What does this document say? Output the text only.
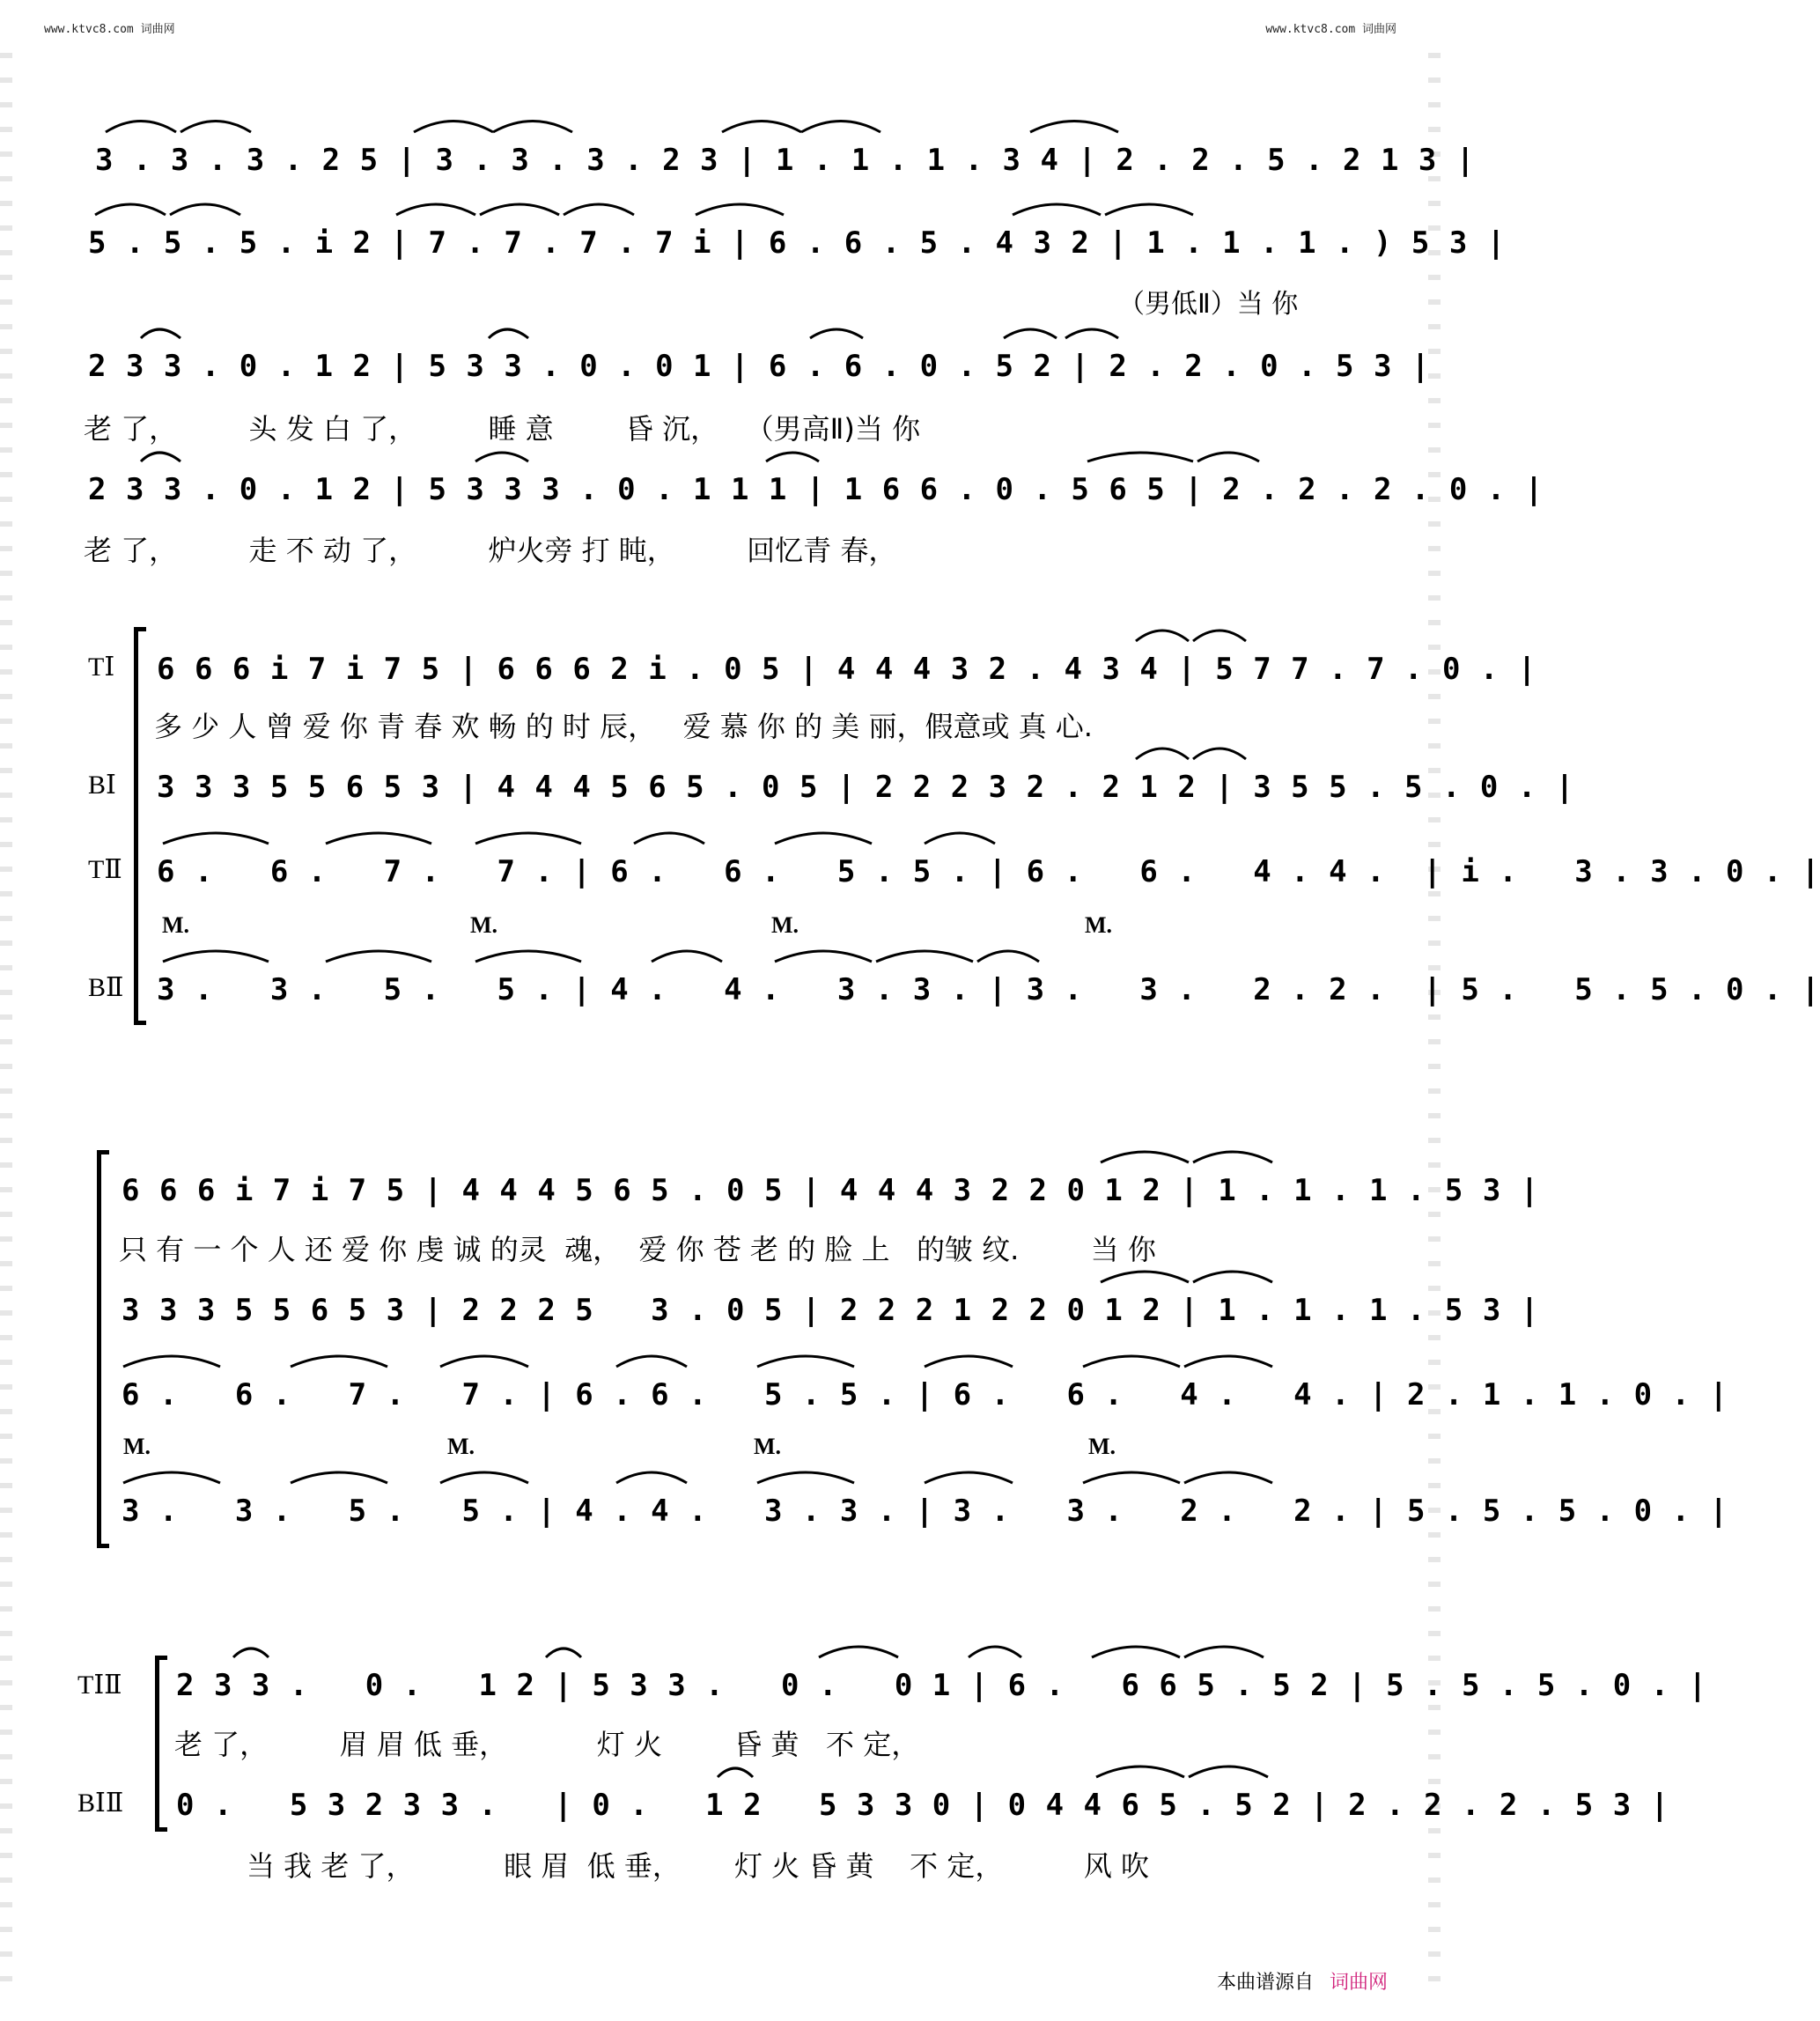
www.ktvc8.com 词曲网	www.ktvc8.com 词曲网
3 . 3 . 3 . 2 5 | 3 . 3 . 3 . 2 3 | 1 . 1 . 1 . 3 4 | 2 . 2 . 5 . 2 1 3 |
5 . 5 . 5 . i 2 | 7 . 7 . 7 . 7 i | 6 . 6 . 5 . 4 3 2 | 1 . 1 . 1 . ) 5 3 |
（男低Ⅱ）当 你
2 3 3 . 0 . 1 2 | 5 3 3 . 0 . 0 1 | 6 . 6 . 0 . 5 2 | 2 . 2 . 0 . 5 3 |
老 了，        头 发 白 了，        睡 意        昏 沉，   （男高Ⅱ)当 你
2 3 3 . 0 . 1 2 | 5 3 3 3 . 0 . 1 1 1 | 1 6 6 . 0 . 5 6 5 | 2 . 2 . 2 . 0 . |
老 了，        走 不 动 了，        炉火旁 打 盹，        回忆青 春，
TⅠ 6 6 6 i 7 i 7 5 | 6 6 6 2 i . 0 5 | 4 4 4 3 2 . 4 3 4 | 5 7 7 . 7 . 0 . |
多 少 人 曾 爱 你 青 春 欢 畅 的 时 辰，   爱 慕 你 的 美 丽，假意或 真 心.
BⅠ 3 3 3 5 5 6 5 3 | 4 4 4 5 6 5 . 0 5 | 2 2 2 3 2 . 2 1 2 | 3 5 5 . 5 . 0 . |
TⅡ 6 .   6 .   7 .   7 . | 6 .   6 .   5 . 5 . | 6 .   6 .   4 . 4 .  | i .   3 . 3 . 0 . |
M.	M.	M.	M.
BⅡ 3 .   3 .   5 .   5 . | 4 .   4 .   3 . 3 . | 3 .   3 .   2 . 2 .  | 5 .   5 . 5 . 0 . |
6 6 6 i 7 i 7 5 | 4 4 4 5 6 5 . 0 5 | 4 4 4 3 2 2 0 1 2 | 1 . 1 . 1 . 5 3 |
只 有 一 个 人 还 爱 你 虔 诚 的灵  魂，  爱 你 苍 老 的 脸 上   的皱 纹.        当 你
3 3 3 5 5 6 5 3 | 2 2 2 5   3 . 0 5 | 2 2 2 1 2 2 0 1 2 | 1 . 1 . 1 . 5 3 |
6 .   6 .   7 .   7 . | 6 . 6 .   5 . 5 . | 6 .   6 .   4 .   4 . | 2 . 1 . 1 . 0 . |
M.	M.	M.	M.
3 .   3 .   5 .   5 . | 4 . 4 .   3 . 3 . | 3 .   3 .   2 .   2 . | 5 . 5 . 5 . 0 . |
TⅠⅡ 2 3 3 .   0 .   1 2 | 5 3 3 .   0 .   0 1 | 6 .   6 6 5 . 5 2 | 5 . 5 . 5 . 0 . |
老 了，        眉 眉 低 垂，          灯 火        昏 黄   不 定，
BⅠⅡ 0 .   5 3 2 3 3 .   | 0 .   1 2   5 3 3 0 | 0 4 4 6 5 . 5 2 | 2 . 2 . 2 . 5 3 |
当 我 老 了，          眼 眉  低 垂，      灯 火 昏 黄    不 定，         风 吹
本曲谱源自 词曲网
